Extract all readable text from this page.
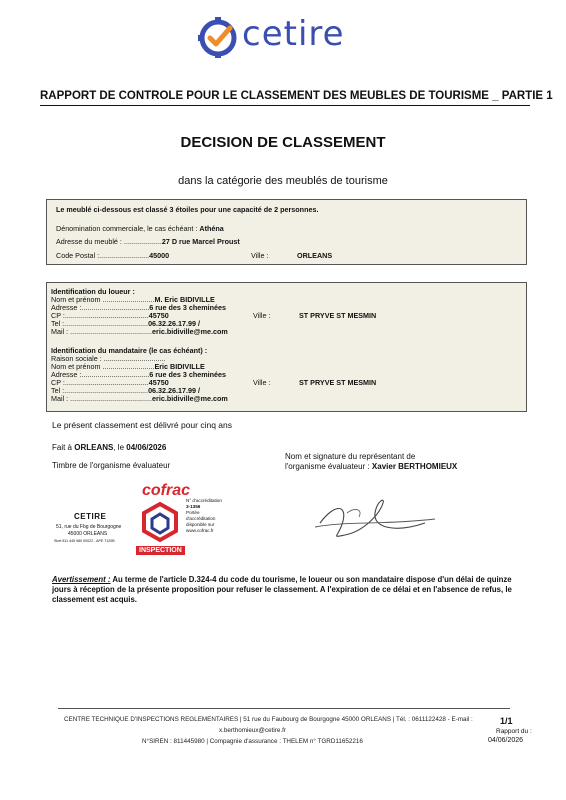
cetire
RAPPORT DE CONTROLE POUR LE CLASSEMENT DES MEUBLES DE TOURISME _ PARTIE 1
DECISION DE CLASSEMENT
dans la catégorie des meublés de tourisme
Le meublé ci-dessous est classé 3 étoiles pour une capacité de 2 personnes.
Dénomination commerciale, le cas échéant : Athéna
Adresse du meublé : ...................27 D rue Marcel Proust
Code Postal :.........................45000	Ville :	ORLEANS
Identification du loueur :
Nom et prénom ..........................M. Eric BIDIVILLE
Adresse :..................................6 rue des 3 cheminées
CP :..........................................45750	Ville :	ST PRYVE ST MESMIN
Tel :..........................................06.32.26.17.99 /
Mail : .........................................eric.bidiville@me.com
Identification du mandataire (le cas échéant) :
Raison sociale : ...............................
Nom et prénom ..........................Eric BIDIVILLE
Adresse :..................................6 rue des 3 cheminées
CP :..........................................45750	Ville :	ST PRYVE ST MESMIN
Tel :..........................................06.32.26.17.99 /
Mail : .........................................eric.bidiville@me.com
Le présent classement est délivré pour cinq ans
Fait à ORLEANS, le 04/06/2026
Timbre de l'organisme évaluateur
Nom et signature du représentant de
l'organisme évaluateur : Xavier BERTHOMIEUX
CETIRE
51, rue du Fbg de Bourgogne
45000 ORLEANS
Siret 811 445 980 00022 - APE 7120B
cofrac
INSPECTION
N° d'accréditation
3-1356
Portée
d'accréditation
disponible sur
www.cofrac.fr
Avertissement : Au terme de l'article D.324-4 du code du tourisme, le loueur ou son mandataire dispose d'un délai de quinze jours à réception de la présente proposition pour refuser le classement. A l'expiration de ce délai et en l'absence de refus, le classement est acquis.
CENTRE TECHNIQUE D'INSPECTIONS REGLEMENTAIRES | 51 rue du Faubourg de Bourgogne 45000 ORLEANS | Tél. : 0611122428 - E-mail :
x.berthomieux@cetire.fr
N°SIREN : 811445980 | Compagnie d'assurance : THELEM n° TGRD11652216
1/1
Rapport du :
04/06/2026
